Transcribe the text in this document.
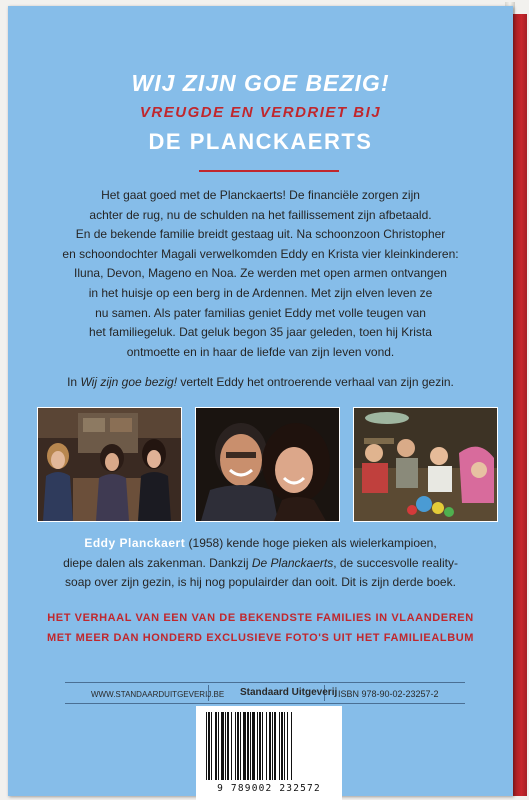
WIJ ZIJN GOE BEZIG!
VREUGDE EN VERDRIET BIJ
DE PLANCKAERTS
Het gaat goed met de Planckaerts! De financiële zorgen zijn
achter de rug, nu de schulden na het faillissement zijn afbetaald.
En de bekende familie breidt gestaag uit. Na schoonzoon Christopher
en schoondochter Magali verwelkomden Eddy en Krista vier kleinkinderen:
Iluna, Devon, Mageno en Noa. Ze werden met open armen ontvangen
in het huisje op een berg in de Ardennen. Met zijn elven leven ze
nu samen. Als pater familias geniet Eddy met volle teugen van
het familiegeluk. Dat geluk begon 35 jaar geleden, toen hij Krista
ontmoette en in haar de liefde van zijn leven vond.
In Wij zijn goe bezig! vertelt Eddy het ontroerende verhaal van zijn gezin.
Eddy Planckaert (1958) kende hoge pieken als wielerkampioen,
diepe dalen als zakenman. Dankzij De Planckaerts, de succesvolle reality-
soap over zijn gezin, is hij nog populairder dan ooit. Dit is zijn derde boek.
HET VERHAAL VAN EEN VAN DE BEKENDSTE FAMILIES IN VLAANDEREN
MET MEER DAN HONDERD EXCLUSIEVE FOTO'S UIT HET FAMILIEALBUM
WWW.STANDAARDUITGEVERIJ.BE Standaard Uitgeverij ISBN 978-90-02-23257-2
9 789002 232572
